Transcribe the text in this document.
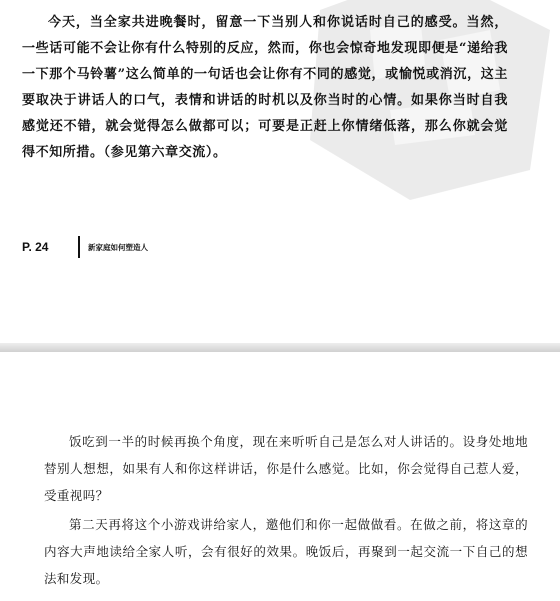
今天，当全家共进晚餐时，留意一下当别人和你说话时自己的感受。当然，一些话可能不会让你有什么特别的反应，然而，你也会惊奇地发现即便是“递给我一下那个马铃薯”这么简单的一句话也会让你有不同的感觉，或愉悦或消沉，这主要取决于讲话人的口气，表情和讲话的时机以及你当时的心情。如果你当时自我感觉还不错，就会觉得怎么做都可以；可要是正赶上你情绪低落，那么你就会觉得不知所措。（参见第六章交流）。

P. 24	新家庭如何塑造人

饭吃到一半的时候再换个角度，现在来听听自己是怎么对人讲话的。设身处地地替别人想想，如果有人和你这样讲话，你是什么感觉。比如，你会觉得自己惹人爱，受重视吗？

第二天再将这个小游戏讲给家人，邀他们和你一起做做看。在做之前，将这章的内容大声地读给全家人听，会有很好的效果。晚饭后，再聚到一起交流一下自己的想法和发现。
